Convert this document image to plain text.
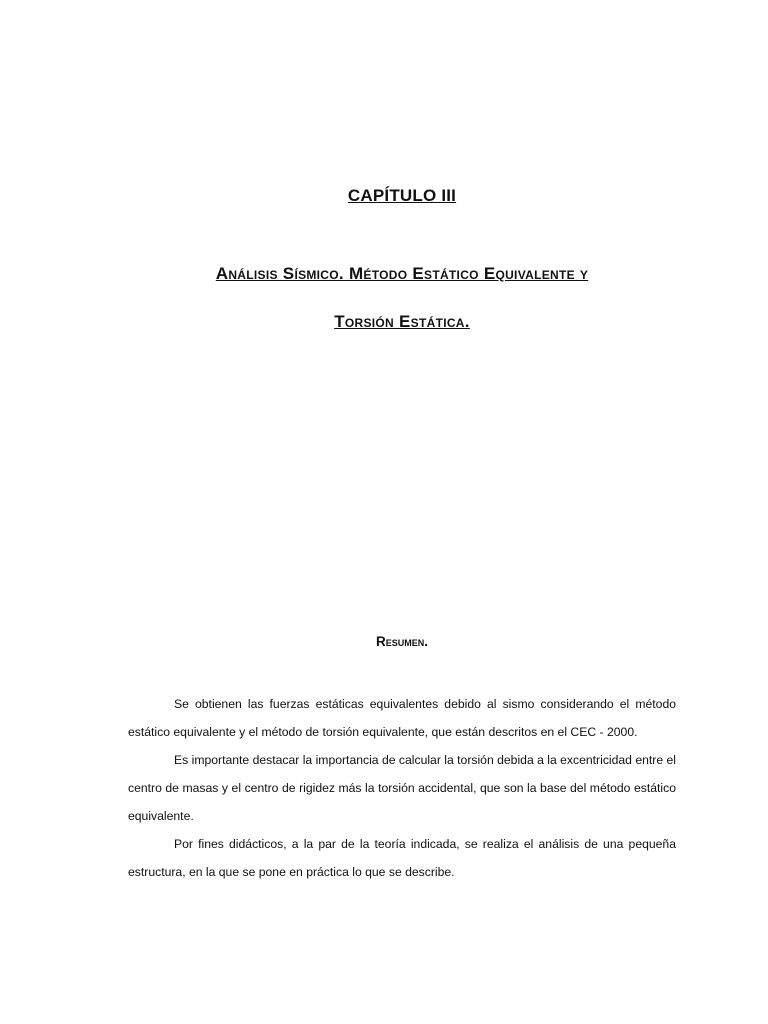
CAPÍTULO III
Análisis Sísmico. Método Estático Equivalente y
Torsión Estática.
Resumen.

Se obtienen las fuerzas estáticas equivalentes debido al sismo considerando el método estático equivalente y el método de torsión equivalente, que están descritos en el CEC - 2000.

Es importante destacar la importancia de calcular la torsión debida a la excentricidad entre el centro de masas y el centro de rigidez más la torsión accidental, que son la base del método estático equivalente.

Por fines didácticos, a la par de la teoría indicada, se realiza el análisis de una pequeña estructura, en la que se pone en práctica lo que se describe.
